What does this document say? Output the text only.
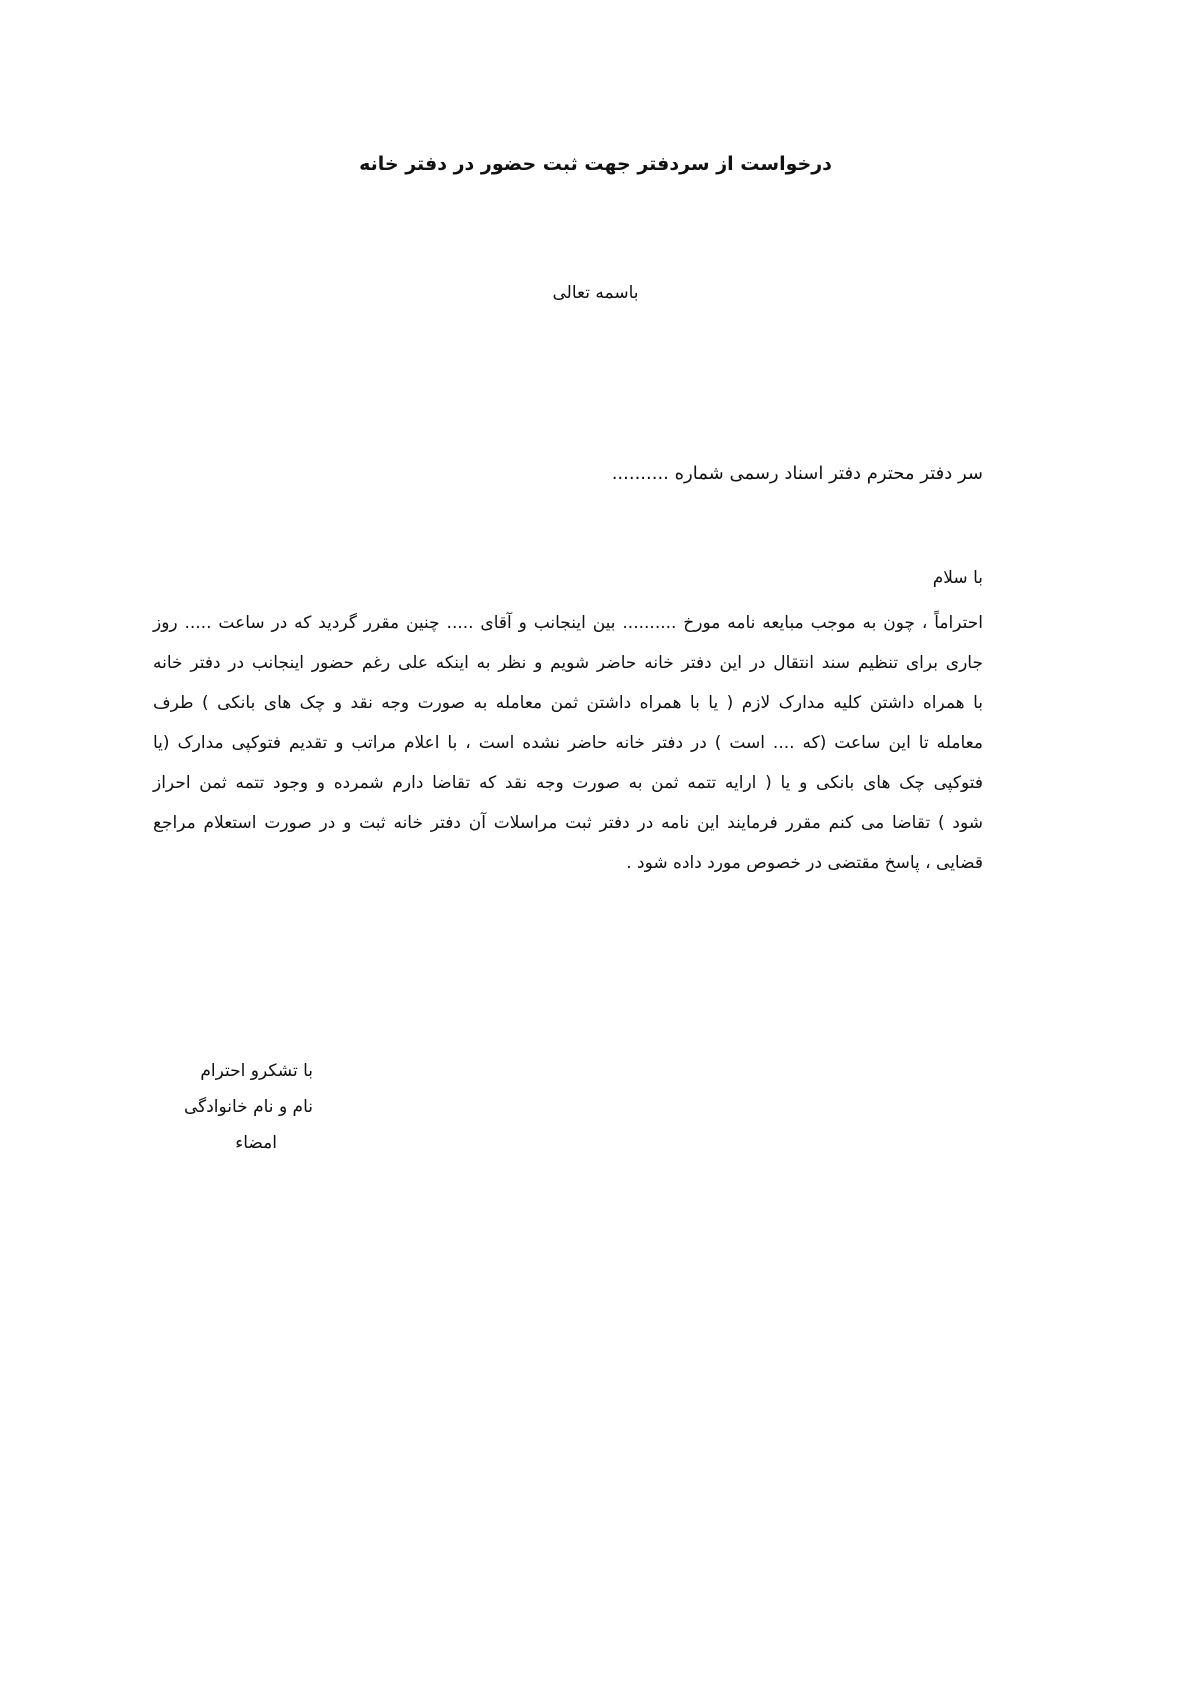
درخواست از سردفتر جهت ثبت حضور در دفتر خانه
باسمه تعالی
سر دفتر محترم دفتر اسناد رسمی شماره ..........
با سلام
احتراماً ، چون به موجب مبایعه نامه مورخ .......... بین اینجانب و آقای ..... چنین مقرر گردید که در ساعت ..... روز
جاری برای تنظیم سند انتقال در این دفتر خانه حاضر شویم و نظر به اینکه علی رغم حضور اینجانب در دفتر خانه
با همراه داشتن کلیه مدارک لازم ( یا با همراه داشتن ثمن معامله به صورت وجه نقد و چک های بانکی ) طرف
معامله تا این ساعت (که .... است ) در دفتر خانه حاضر نشده است ، با اعلام مراتب و تقدیم فتوکپی مدارک (یا
فتوکپی چک های بانکی و یا ( ارایه تتمه ثمن به صورت وجه نقد که تقاضا دارم شمرده و وجود تتمه ثمن احراز
شود ) تقاضا می کنم مقرر فرمایند این نامه در دفتر ثبت مراسلات آن دفتر خانه ثبت و در صورت استعلام مراجع
قضایی ، پاسخ مقتضی در خصوص مورد داده شود .
با تشکرو احترام
نام و نام خانوادگی
امضاء
